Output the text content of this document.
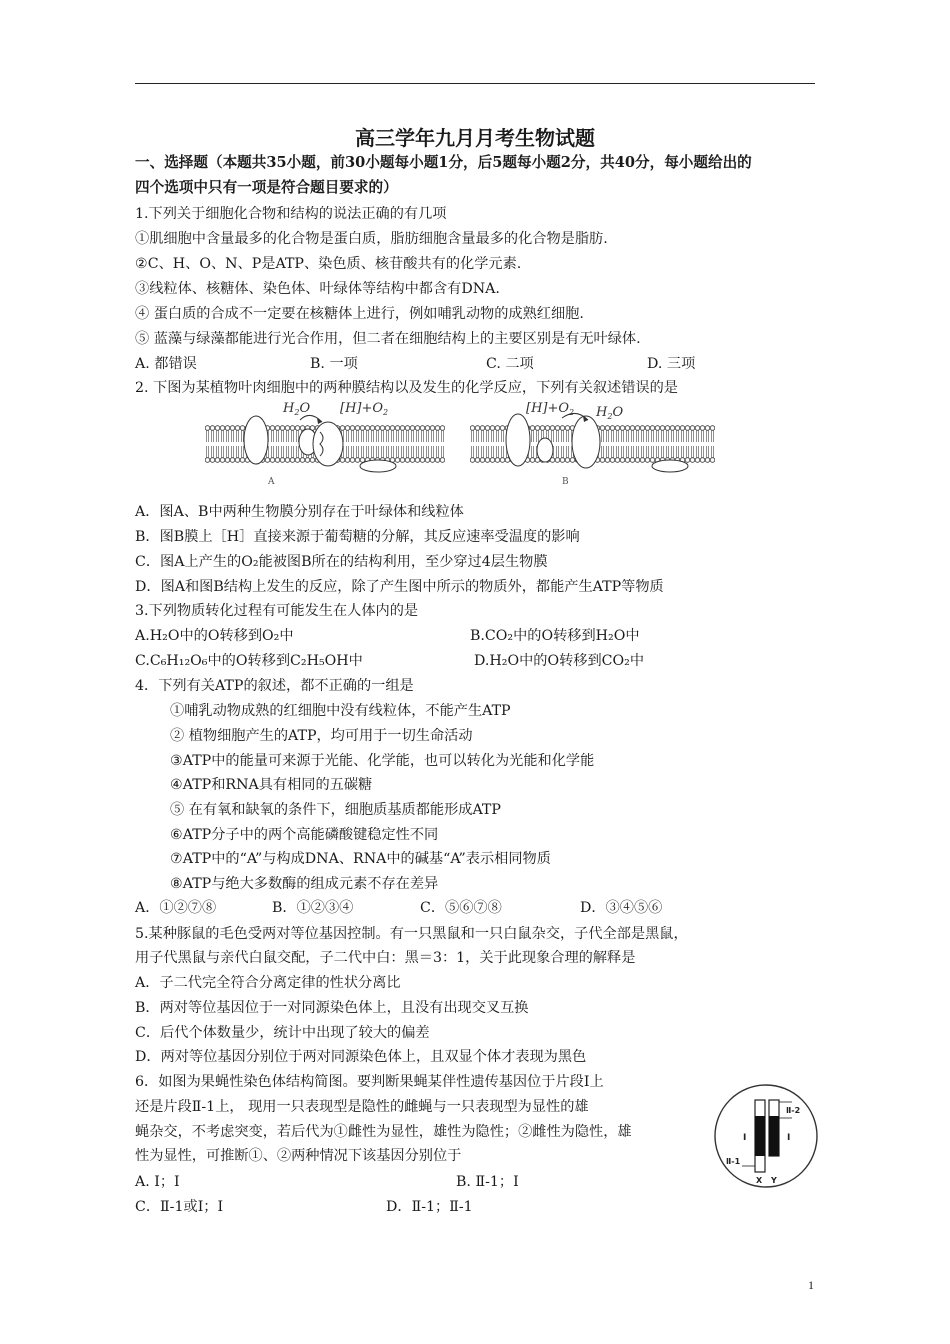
高三学年九月月考生物试题
一、选择题（本题共35小题，前30小题每小题1分，后5题每小题2分，共40分，每小题给出的
四个选项中只有一项是符合题目要求的）
1.下列关于细胞化合物和结构的说法正确的有几项
①肌细胞中含量最多的化合物是蛋白质，脂肪细胞含量最多的化合物是脂肪.
②C、H、O、N、P是ATP、染色质、核苷酸共有的化学元素.
③线粒体、核糖体、染色体、叶绿体等结构中都含有DNA.
④ 蛋白质的合成不一定要在核糖体上进行，例如哺乳动物的成熟红细胞.
⑤ 蓝藻与绿藻都能进行光合作用，但二者在细胞结构上的主要区别是有无叶绿体.
A. 都错误	B. 一项	C. 二项	D. 三项
2. 下图为某植物叶肉细胞中的两种膜结构以及发生的化学反应，下列有关叙述错误的是
$H_2O$ $[H]+O_2$
A
$[H]+O_2$ $H_2O$
B
A．图A、B中两种生物膜分别存在于叶绿体和线粒体
B．图B膜上［H］直接来源于葡萄糖的分解，其反应速率受温度的影响
C．图A上产生的O₂能被图B所在的结构利用，至少穿过4层生物膜
D．图A和图B结构上发生的反应，除了产生图中所示的物质外，都能产生ATP等物质
3.下列物质转化过程有可能发生在人体内的是
A.H₂O中的O转移到O₂中	B.CO₂中的O转移到H₂O中
C.C₆H₁₂O₆中的O转移到C₂H₅OH中	D.H₂O中的O转移到CO₂中
4．下列有关ATP的叙述，都不正确的一组是
①哺乳动物成熟的红细胞中没有线粒体，不能产生ATP
② 植物细胞产生的ATP，均可用于一切生命活动
③ATP中的能量可来源于光能、化学能，也可以转化为光能和化学能
④ATP和RNA具有相同的五碳糖
⑤ 在有氧和缺氧的条件下，细胞质基质都能形成ATP
⑥ATP分子中的两个高能磷酸键稳定性不同
⑦ATP中的“A”与构成DNA、RNA中的碱基“A”表示相同物质
⑧ATP与绝大多数酶的组成元素不存在差异
A．①②⑦⑧	B．①②③④	C．⑤⑥⑦⑧	D．③④⑤⑥
5.某种豚鼠的毛色受两对等位基因控制。有一只黑鼠和一只白鼠杂交，子代全部是黑鼠，
用子代黑鼠与亲代白鼠交配，子二代中白：黑＝3：1，关于此现象合理的解释是
A．子二代完全符合分离定律的性状分离比
B．两对等位基因位于一对同源染色体上，且没有出现交叉互换
C．后代个体数量少，统计中出现了较大的偏差
D．两对等位基因分别位于两对同源染色体上，且双显个体才表现为黑色
6．如图为果蝇性染色体结构简图。要判断果蝇某伴性遗传基因位于片段Ⅰ上
还是片段Ⅱ-1上， 现用一只表现型是隐性的雌蝇与一只表现型为显性的雄
蝇杂交，不考虑突变，若后代为①雌性为显性，雄性为隐性；②雌性为隐性，雄
性为显性，可推断①、②两种情况下该基因分别位于
A. Ⅰ；Ⅰ	B. Ⅱ-1；Ⅰ
C．Ⅱ-1或Ⅰ；Ⅰ	D．Ⅱ-1；Ⅱ-1
Ⅱ-2
Ⅰ	Ⅰ
Ⅱ-1
X Y
1
